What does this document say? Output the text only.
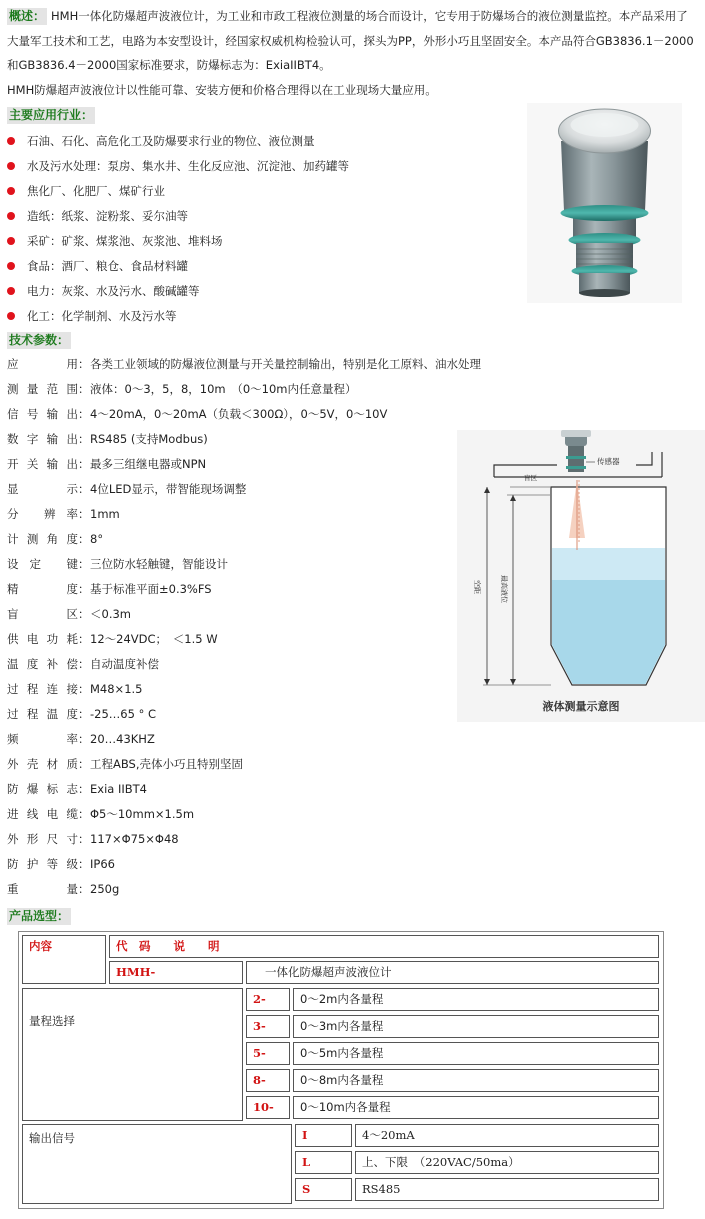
概述： HMH一体化防爆超声波液位计，为工业和市政工程液位测量的场合而设计，它专用于防爆场合的液位测量监控。本产品采用了大量军工技术和工艺，电路为本安型设计，经国家权威机构检验认可，探头为PP，外形小巧且坚固安全。本产品符合GB3836.1－2000和GB3836.4－2000国家标准要求，防爆标志为：ExiaIIBT4。

HMH防爆超声波液位计以性能可靠、安装方便和价格合理得以在工业现场大量应用。

主要应用行业：
石油、石化、高危化工及防爆要求行业的物位、液位测量
水及污水处理：泵房、集水井、生化反应池、沉淀池、加药罐等
焦化厂、化肥厂、煤矿行业
造纸：纸浆、淀粉浆、妥尔油等
采矿：矿浆、煤浆池、灰浆池、堆料场
食品：酒厂、粮仓、食品材料罐
电力：灰浆、水及污水、酸碱罐等
化工：化学制剂、水及污水等
技术参数：
应　用：各类工业领域的防爆液位测量与开关量控制输出，特别是化工原料、油水处理
测量范围：液体：0～3，5，8，10m　（0～10m内任意量程）
信号输出：4～20mA，0～20mA（负载＜300Ω），0～5V，0～10V
数字输出：RS485 (支持Modbus)
开关输出：最多三组继电器或NPN
显　示：4位LED显示，带智能现场调整
分 辨率：1mm
计测角度：8°
设定 键：三位防水轻触键，智能设计
精　度：基于标准平面±0.3%FS
盲　区：＜0.3m
供电功耗：12～24VDC；　＜1.5 W
温度补偿：自动温度补偿
过程连接：M48×1.5
过程温度：-25…65 ° C
频　率：20…43KHZ
外壳材质：工程ABS,壳体小巧且特别坚固
防爆标志：Exia IIBT4
进线电缆：Φ5～10mm×1.5m
外形尺寸：117×Φ75×Φ48
防护等级：IP66
重　量：250g
传感器
盲区
空距	最高液位
液体测量示意图
产品选型：
内容	代　码　　说　　明
HMH-	一体化防爆超声波液位计
量程选择
2-	0～2m内各量程
3-	0～3m内各量程
5-	0～5m内各量程
8-	0～8m内各量程
10-	0～10m内各量程
输出信号	I	4～20mA
L	上、下限　（220VAC/50ma）
S	RS485
